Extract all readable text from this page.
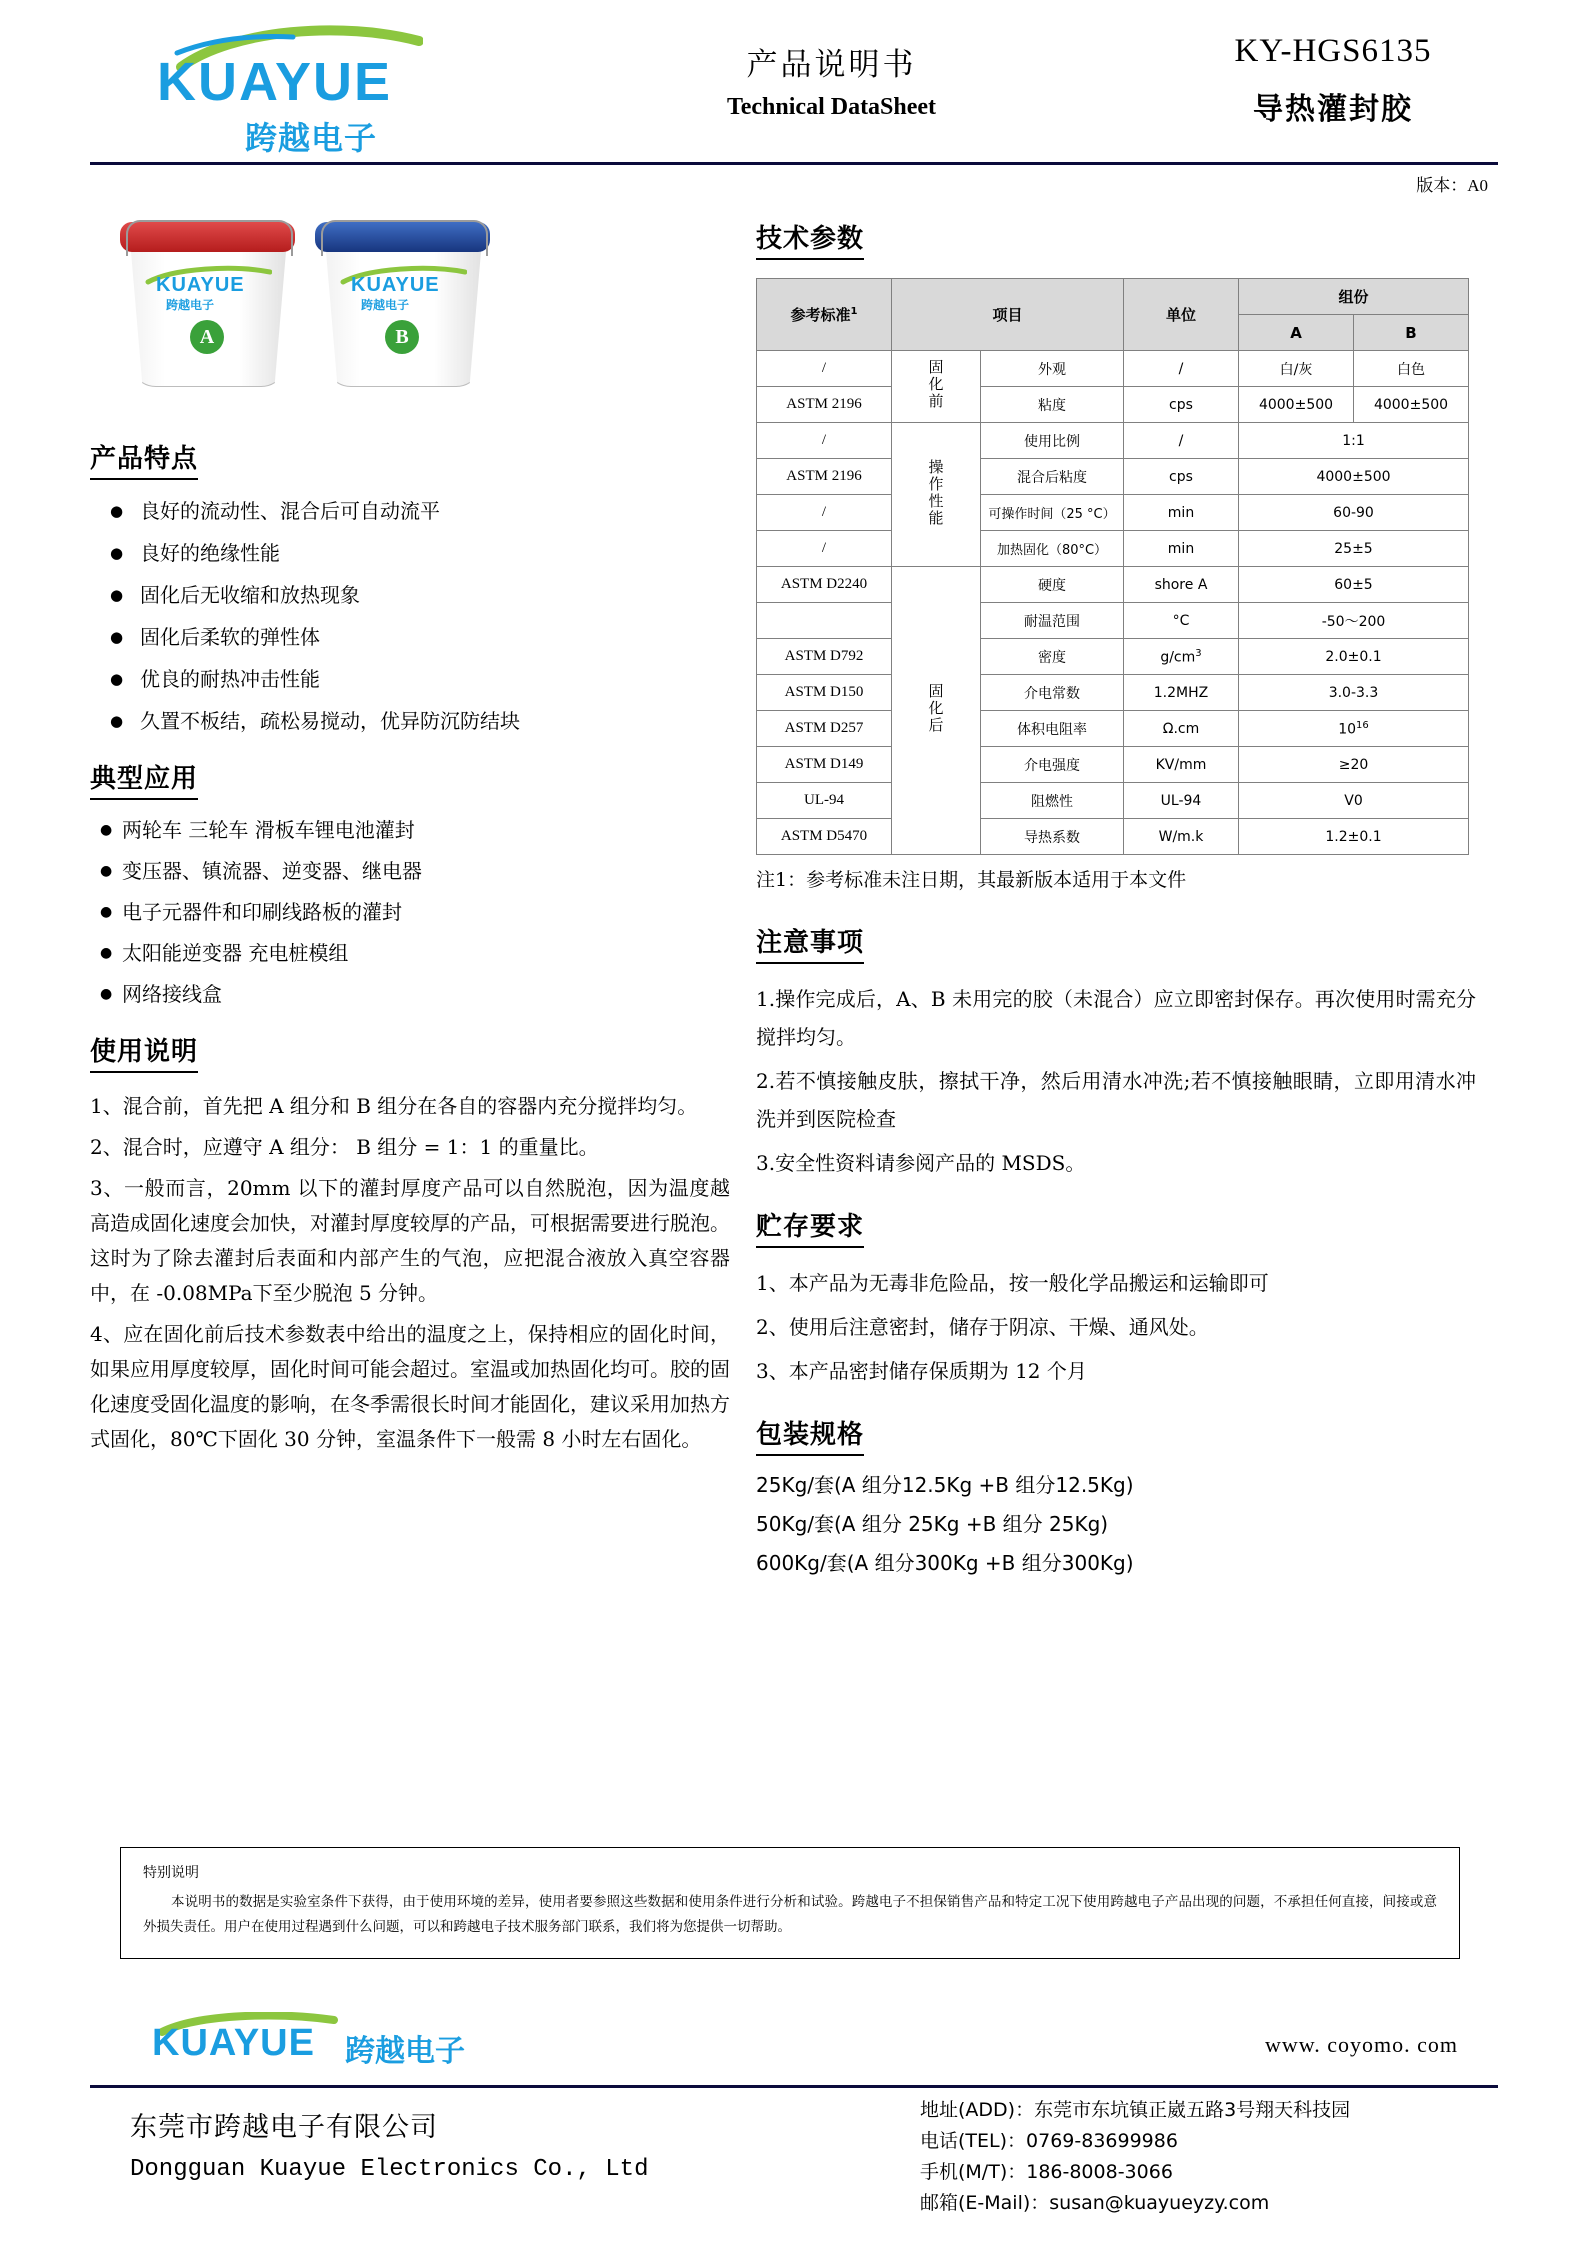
KUAYUE
跨越电子
产品说明书
Technical DataSheet
KY-HGS6135
导热灌封胶
版本：A0
KUAYUE
跨越电子
A
KUAYUE
跨越电子
B
产品特点
● 良好的流动性、混合后可自动流平
● 良好的绝缘性能
● 固化后无收缩和放热现象
● 固化后柔软的弹性体
● 优良的耐热冲击性能
● 久置不板结，疏松易搅动，优异防沉防结块
典型应用
● 两轮车 三轮车 滑板车锂电池灌封
● 变压器、镇流器、逆变器、继电器
● 电子元器件和印刷线路板的灌封
● 太阳能逆变器 充电桩模组
● 网络接线盒
使用说明

1、混合前，首先把 A 组分和 B 组分在各自的容器内充分搅拌均匀。

2、混合时，应遵守 A 组分： B 组分 = 1：1 的重量比。

3、一般而言，20mm 以下的灌封厚度产品可以自然脱泡，因为温度越高造成固化速度会加快，对灌封厚度较厚的产品，可根据需要进行脱泡。这时为了除去灌封后表面和内部产生的气泡，应把混合液放入真空容器中，在 -0.08MPa下至少脱泡 5 分钟。

4、应在固化前后技术参数表中给出的温度之上，保持相应的固化时间，如果应用厚度较厚，固化时间可能会超过。室温或加热固化均可。胶的固化速度受固化温度的影响，在冬季需很长时间才能固化，建议采用加热方式固化，80℃下固化 30 分钟，室温条件下一般需 8 小时左右固化。

技术参数
参考标准$^1$	项目		单位	组份	
				A	B
/	固化前	外观	/	白/灰	白色
ASTM 2196		粘度	cps	4000±500	4000±500
/	操作性能	使用比例	/	1:1	
ASTM 2196		混合后粘度	cps	4000±500	
/		可操作时间（25 °C）	min	60-90	
/		加热固化（80°C）	min	25±5	
ASTM D2240	固化后	硬度	shore A	60±5	
		耐温范围	°C	-50～200	
ASTM D792		密度	$g/cm^3$	2.0±0.1	
ASTM D150		介电常数	1.2MHZ	3.0-3.3	
ASTM D257		体积电阻率	Ω.cm	$10^{16}$
ASTM D149		介电强度	KV/mm	≥20	
UL-94		阻燃性	UL-94	V0	
ASTM D5470		导热系数	W/m.k	1.2±0.1	
注1：参考标准未注日期，其最新版本适用于本文件
注意事项

1.操作完成后，A、B 未用完的胶（未混合）应立即密封保存。再次使用时需充分搅拌均匀。

2.若不慎接触皮肤，擦拭干净，然后用清水冲洗;若不慎接触眼睛，立即用清水冲洗并到医院检查

3.安全性资料请参阅产品的 MSDS。

贮存要求

1、本产品为无毒非危险品，按一般化学品搬运和运输即可

2、使用后注意密封，储存于阴凉、干燥、通风处。

3、本产品密封储存保质期为 12 个月

包装规格
25Kg/套(A 组分12.5Kg +B 组分12.5Kg)
50Kg/套(A 组分 25Kg +B 组分 25Kg)
600Kg/套(A 组分300Kg +B 组分300Kg)
特别说明
本说明书的数据是实验室条件下获得，由于使用环境的差异，使用者要参照这些数据和使用条件进行分析和试验。跨越电子不担保销售产品和特定工况下使用跨越电子产品出现的问题，不承担任何直接，间接或意外损失责任。用户在使用过程遇到什么问题，可以和跨越电子技术服务部门联系，我们将为您提供一切帮助。
KUAYUE 跨越电子	www. coyomo. com
东莞市跨越电子有限公司
Dongguan Kuayue Electronics Co., Ltd
地址(ADD)：东莞市东坑镇正崴五路3号翔天科技园
电话(TEL)：0769-83699986
手机(M/T)：186-8008-3066
邮箱(E-Mail)：susan@kuayueyzy.com
